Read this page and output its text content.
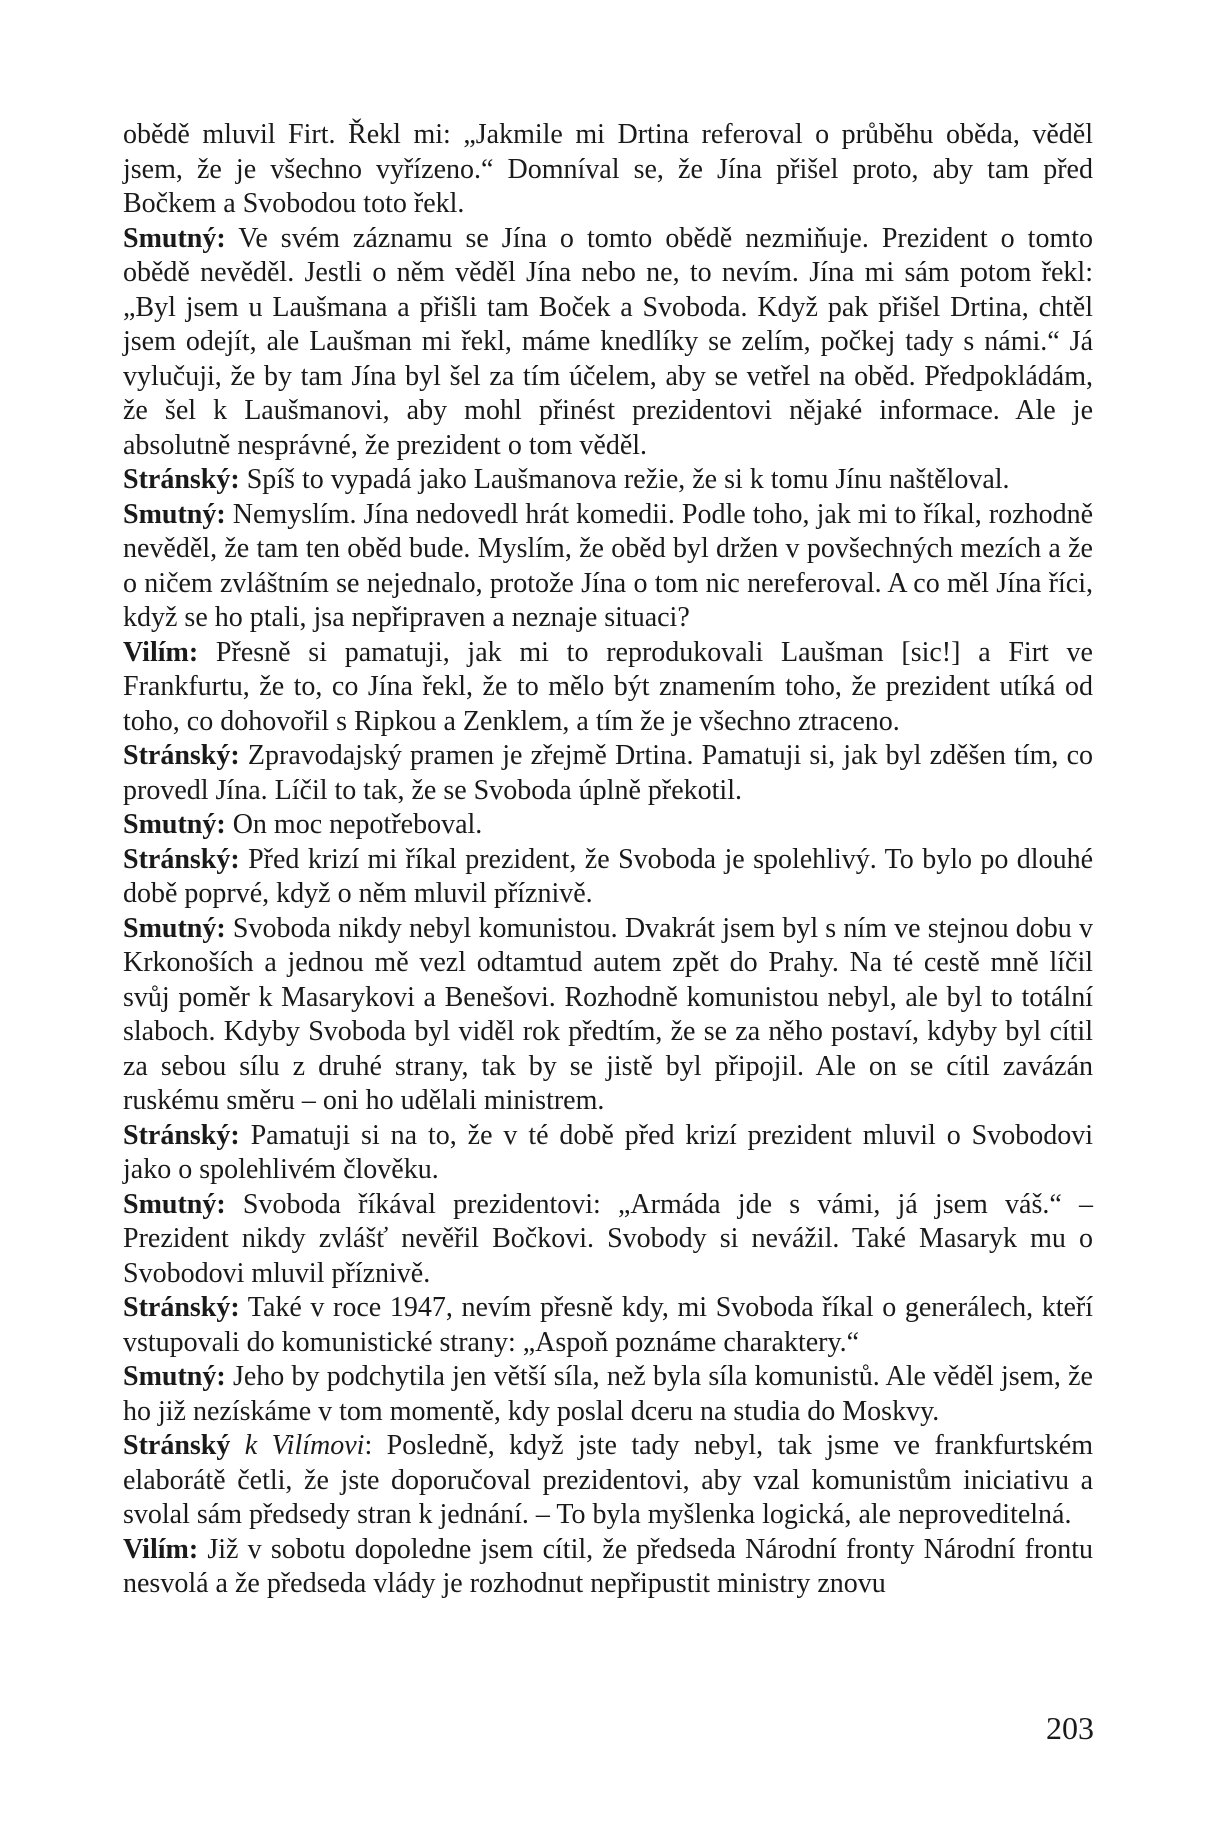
obědě mluvil Firt. Řekl mi: „Jakmile mi Drtina referoval o průběhu oběda, věděl jsem, že je všechno vyřízeno.“ Domníval se, že Jína přišel proto, aby tam před Bočkem a Svobodou toto řekl.

Smutný: Ve svém záznamu se Jína o tomto obědě nezmiňuje. Prezident o tomto obědě nevěděl. Jestli o něm věděl Jína nebo ne, to nevím. Jína mi sám potom řekl: „Byl jsem u Laušmana a přišli tam Boček a Svoboda. Když pak přišel Drtina, chtěl jsem odejít, ale Laušman mi řekl, máme knedlíky se zelím, počkej tady s námi.“ Já vylučuji, že by tam Jína byl šel za tím účelem, aby se vetřel na oběd. Předpokládám, že šel k Laušmanovi, aby mohl přinést prezidentovi nějaké informace. Ale je absolutně nesprávné, že prezident o tom věděl.

Stránský: Spíš to vypadá jako Laušmanova režie, že si k tomu Jínu naštěloval.

Smutný: Nemyslím. Jína nedovedl hrát komedii. Podle toho, jak mi to říkal, rozhodně nevěděl, že tam ten oběd bude. Myslím, že oběd byl držen v povšechných mezích a že o ničem zvláštním se nejednalo, protože Jína o tom nic nereferoval. A co měl Jína říci, když se ho ptali, jsa nepřipraven a neznaje situaci?

Vilím: Přesně si pamatuji, jak mi to reprodukovali Laušman [sic!] a Firt ve Frankfurtu, že to, co Jína řekl, že to mělo být znamením toho, že prezident utíká od toho, co dohovořil s Ripkou a Zenklem, a tím že je všechno ztraceno.

Stránský: Zpravodajský pramen je zřejmě Drtina. Pamatuji si, jak byl zděšen tím, co provedl Jína. Líčil to tak, že se Svoboda úplně překotil.

Smutný: On moc nepotřeboval.

Stránský: Před krizí mi říkal prezident, že Svoboda je spolehlivý. To bylo po dlouhé době poprvé, když o něm mluvil příznivě.

Smutný: Svoboda nikdy nebyl komunistou. Dvakrát jsem byl s ním ve stejnou dobu v Krkonoších a jednou mě vezl odtamtud autem zpět do Prahy. Na té cestě mně líčil svůj poměr k Masarykovi a Benešovi. Rozhodně komunistou nebyl, ale byl to totální slaboch. Kdyby Svoboda byl viděl rok předtím, že se za něho postaví, kdyby byl cítil za sebou sílu z druhé strany, tak by se jistě byl připojil. Ale on se cítil zavázán ruskému směru – oni ho udělali ministrem.

Stránský: Pamatuji si na to, že v té době před krizí prezident mluvil o Svobodovi jako o spolehlivém člověku.

Smutný: Svoboda říkával prezidentovi: „Armáda jde s vámi, já jsem váš.“ – Prezident nikdy zvlášť nevěřil Bočkovi. Svobody si nevážil. Také Masaryk mu o Svobodovi mluvil příznivě.

Stránský: Také v roce 1947, nevím přesně kdy, mi Svoboda říkal o generálech, kteří vstupovali do komunistické strany: „Aspoň poznáme charaktery.“

Smutný: Jeho by podchytila jen větší síla, než byla síla komunistů. Ale věděl jsem, že ho již nezískáme v tom momentě, kdy poslal dceru na studia do Moskvy.

Stránský k Vilímovi: Posledně, když jste tady nebyl, tak jsme ve frankfurtském elaborátě četli, že jste doporučoval prezidentovi, aby vzal komunistům iniciativu a svolal sám předsedy stran k jednání. – To byla myšlenka logická, ale neproveditelná.

Vilím: Již v sobotu dopoledne jsem cítil, že předseda Národní fronty Národní frontu nesvolá a že předseda vlády je rozhodnut nepřipustit ministry znovu

203
